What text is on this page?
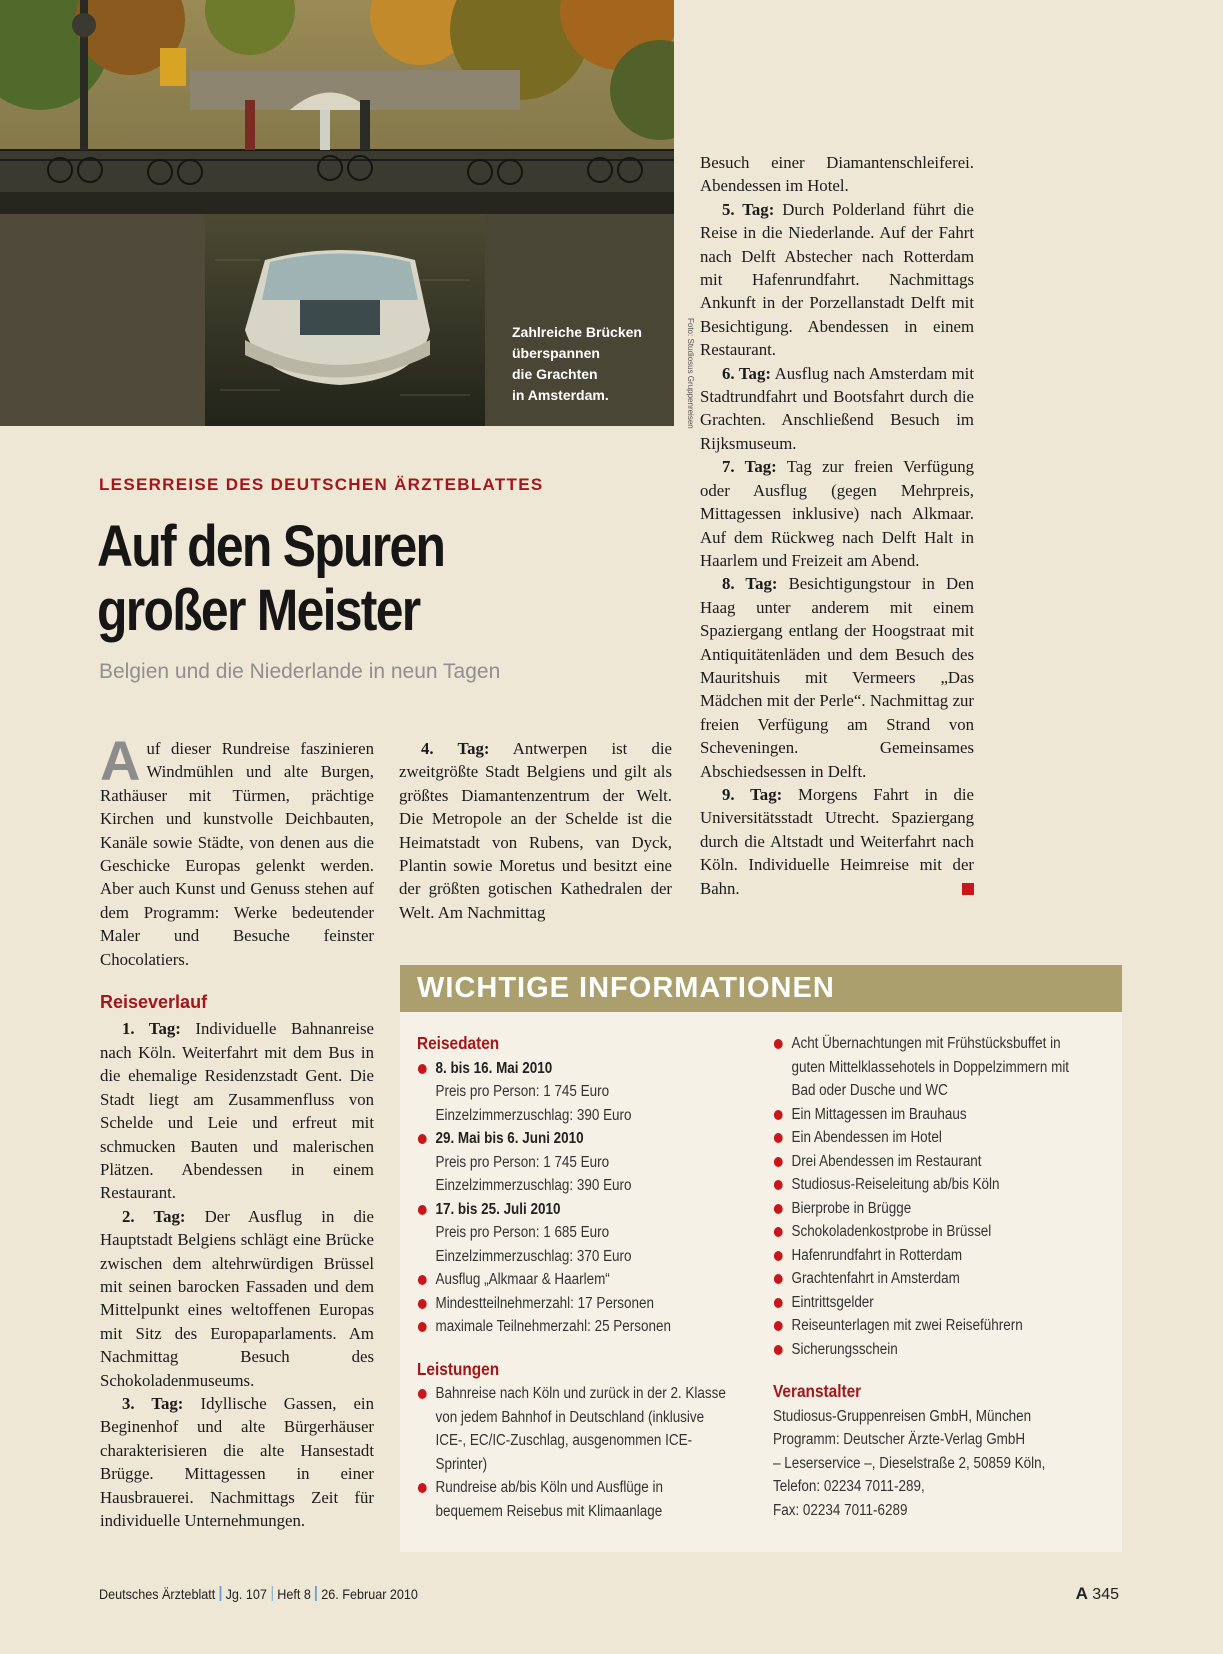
Zahlreiche Brücken
überspannen
die Grachten
in Amsterdam.	Foto: Studiosus Gruppenreisen
LESERREISE DES DEUTSCHEN ÄRZTEBLATTES
Auf den Spuren
großer Meister
Belgien und die Niederlande in neun Tagen

Auf dieser Rundreise faszinieren Windmühlen und alte Burgen, Rathäuser mit Türmen, prächtige Kirchen und kunstvolle Deichbauten, Kanäle sowie Städte, von denen aus die Geschicke Europas gelenkt werden. Aber auch Kunst und Genuss stehen auf dem Programm: Werke bedeutender Maler und Besuche feinster Chocolatiers.

Reiseverlauf

1. Tag: Individuelle Bahnanreise nach Köln. Weiterfahrt mit dem Bus in die ehemalige Residenzstadt Gent. Die Stadt liegt am Zusammenfluss von Schelde und Leie und erfreut mit schmucken Bauten und malerischen Plätzen. Abendessen in einem Restaurant.

2. Tag: Der Ausflug in die Hauptstadt Belgiens schlägt eine Brücke zwischen dem altehrwürdigen Brüssel mit seinen barocken Fassaden und dem Mittelpunkt eines weltoffenen Europas mit Sitz des Europaparlaments. Am Nachmittag Besuch des Schokoladenmuseums.

3. Tag: Idyllische Gassen, ein Beginenhof und alte Bürgerhäuser charakterisieren die alte Hansestadt Brügge. Mittagessen in einer Hausbrauerei. Nachmittags Zeit für individuelle Unternehmungen.

4. Tag: Antwerpen ist die zweitgrößte Stadt Belgiens und gilt als größtes Diamantenzentrum der Welt. Die Metropole an der Schelde ist die Heimatstadt von Rubens, van Dyck, Plantin sowie Moretus und besitzt eine der größten gotischen Kathedralen der Welt. Am Nachmittag

Besuch einer Diamantenschleiferei. Abendessen im Hotel.

5. Tag: Durch Polderland führt die Reise in die Niederlande. Auf der Fahrt nach Delft Abstecher nach Rotterdam mit Hafenrundfahrt. Nachmittags Ankunft in der Porzellanstadt Delft mit Besichtigung. Abendessen in einem Restaurant.

6. Tag: Ausflug nach Amsterdam mit Stadtrundfahrt und Bootsfahrt durch die Grachten. Anschließend Besuch im Rijksmuseum.

7. Tag: Tag zur freien Verfügung oder Ausflug (gegen Mehrpreis, Mittagessen inklusive) nach Alkmaar. Auf dem Rückweg nach Delft Halt in Haarlem und Freizeit am Abend.

8. Tag: Besichtigungstour in Den Haag unter anderem mit einem Spaziergang entlang der Hoogstraat mit Antiquitätenläden und dem Besuch des Mauritshuis mit Vermeers „Das Mädchen mit der Perle“. Nachmittag zur freien Verfügung am Strand von Scheveningen. Gemeinsames Abschiedsessen in Delft.

9. Tag: Morgens Fahrt in die Universitätsstadt Utrecht. Spaziergang durch die Altstadt und Weiterfahrt nach Köln. Individuelle Heimreise mit der Bahn.

WICHTIGE INFORMATIONEN
Reisedaten
8. bis 16. Mai 2010
Preis pro Person: 1 745 Euro
Einzelzimmerzuschlag: 390 Euro
29. Mai bis 6. Juni 2010
Preis pro Person: 1 745 Euro
Einzelzimmerzuschlag: 390 Euro
17. bis 25. Juli 2010
Preis pro Person: 1 685 Euro
Einzelzimmerzuschlag: 370 Euro
Ausflug „Alkmaar & Haarlem“
Mindestteilnehmerzahl: 17 Personen
maximale Teilnehmerzahl: 25 Personen
Leistungen
Bahnreise nach Köln und zurück in der 2. Klasse von jedem Bahnhof in Deutschland (inklusive ICE-, EC/IC-Zuschlag, ausgenommen ICE-Sprinter)
Rundreise ab/bis Köln und Ausflüge in bequemem Reisebus mit Klimaanlage
Acht Übernachtungen mit Frühstücksbuffet in guten Mittelklassehotels in Doppelzimmern mit Bad oder Dusche und WC
Ein Mittagessen im Brauhaus
Ein Abendessen im Hotel
Drei Abendessen im Restaurant
Studiosus-Reiseleitung ab/bis Köln
Bierprobe in Brügge
Schokoladenkostprobe in Brüssel
Hafenrundfahrt in Rotterdam
Grachtenfahrt in Amsterdam
Eintrittsgelder
Reiseunterlagen mit zwei Reiseführern
Sicherungsschein
Veranstalter
Studiosus-Gruppenreisen GmbH, München
Programm: Deutscher Ärzte-Verlag GmbH
– Leserservice –, Dieselstraße 2, 50859 Köln,
Telefon: 02234 7011-289,
Fax: 02234 7011-6289
Deutsches Ärzteblatt Jg. 107 Heft 8 26. Februar 2010	A 345
